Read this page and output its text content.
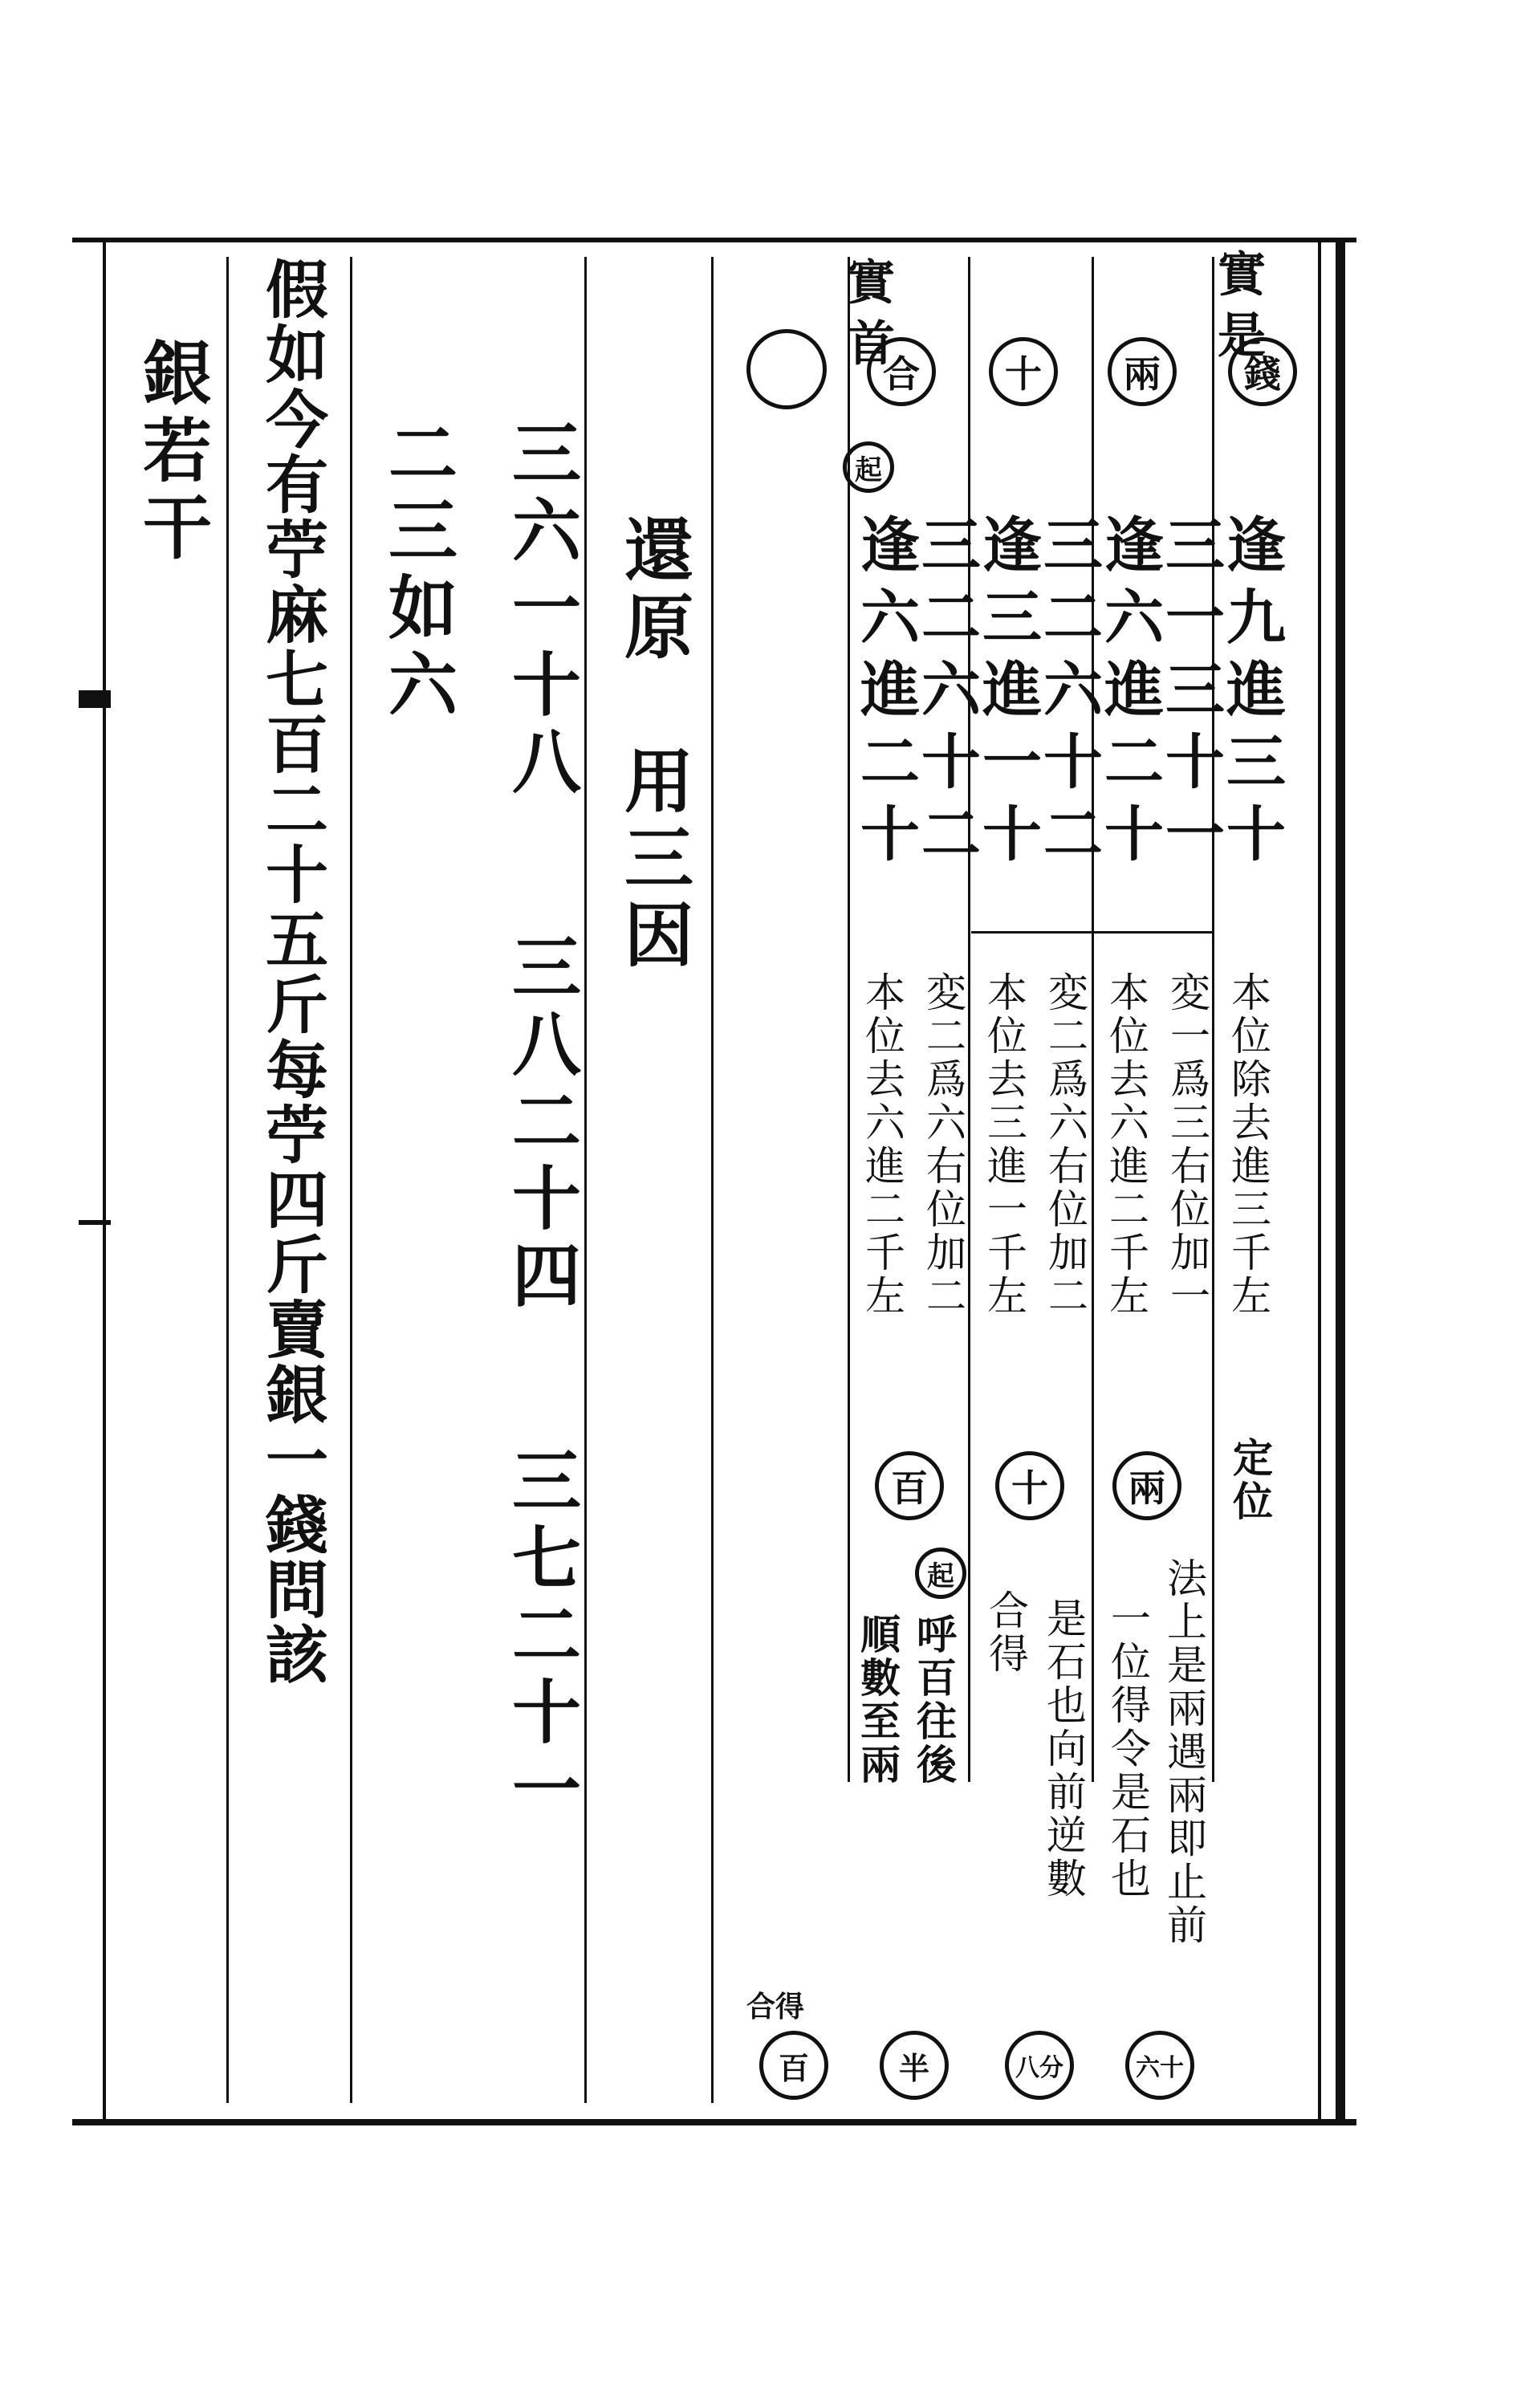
實是
實首	錢
兩
十
合
起
逢九進三十
本位除去進三千左
三一三十一
変一爲三右位加一
逢六進二十
本位去六進二千左
三二六十二
変二爲六右位加二
逢三進一十
本位去三進一千左
三二六十二
変二爲六右位加二
逢六進二十
本位去六進二千左
定位
法上是兩遇兩即止前
一位得令是石也
是石也向前逆數
合得
呼百往後
順數至兩
兩
十
百
起
六十
八分
半
百
合得
還原　用三因
三六一十八
三八二十四
三七二十一
二三如六
假如今有苧麻七百二十五斤每苧四斤賣銀一錢問該
銀若干
